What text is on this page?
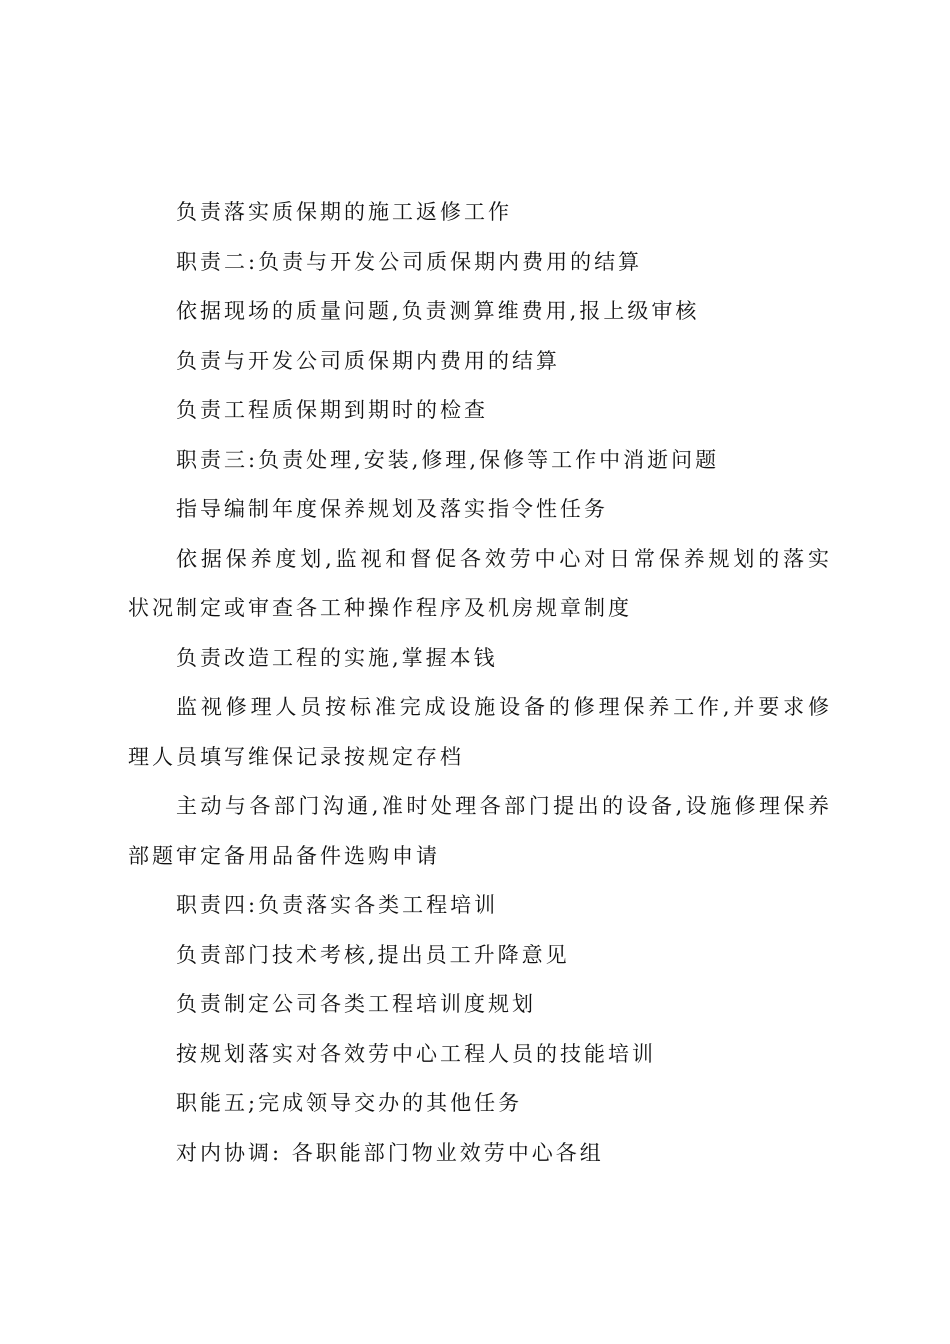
负责落实质保期的施工返修工作

职责二:负责与开发公司质保期内费用的结算

依据现场的质量问题,负责测算维费用,报上级审核

负责与开发公司质保期内费用的结算

负责工程质保期到期时的检查

职责三:负责处理,安装,修理,保修等工作中消逝问题

指导编制年度保养规划及落实指令性任务

依据保养度划,监视和督促各效劳中心对日常保养规划的落实状况制定或审查各工种操作程序及机房规章制度

负责改造工程的实施,掌握本钱

监视修理人员按标准完成设施设备的修理保养工作,并要求修理人员填写维保记录按规定存档

主动与各部门沟通,准时处理各部门提出的设备,设施修理保养部题审定备用品备件选购申请

职责四:负责落实各类工程培训

负责部门技术考核,提出员工升降意见

负责制定公司各类工程培训度规划

按规划落实对各效劳中心工程人员的技能培训

职能五;完成领导交办的其他任务

对内协调: 各职能部门物业效劳中心各组
